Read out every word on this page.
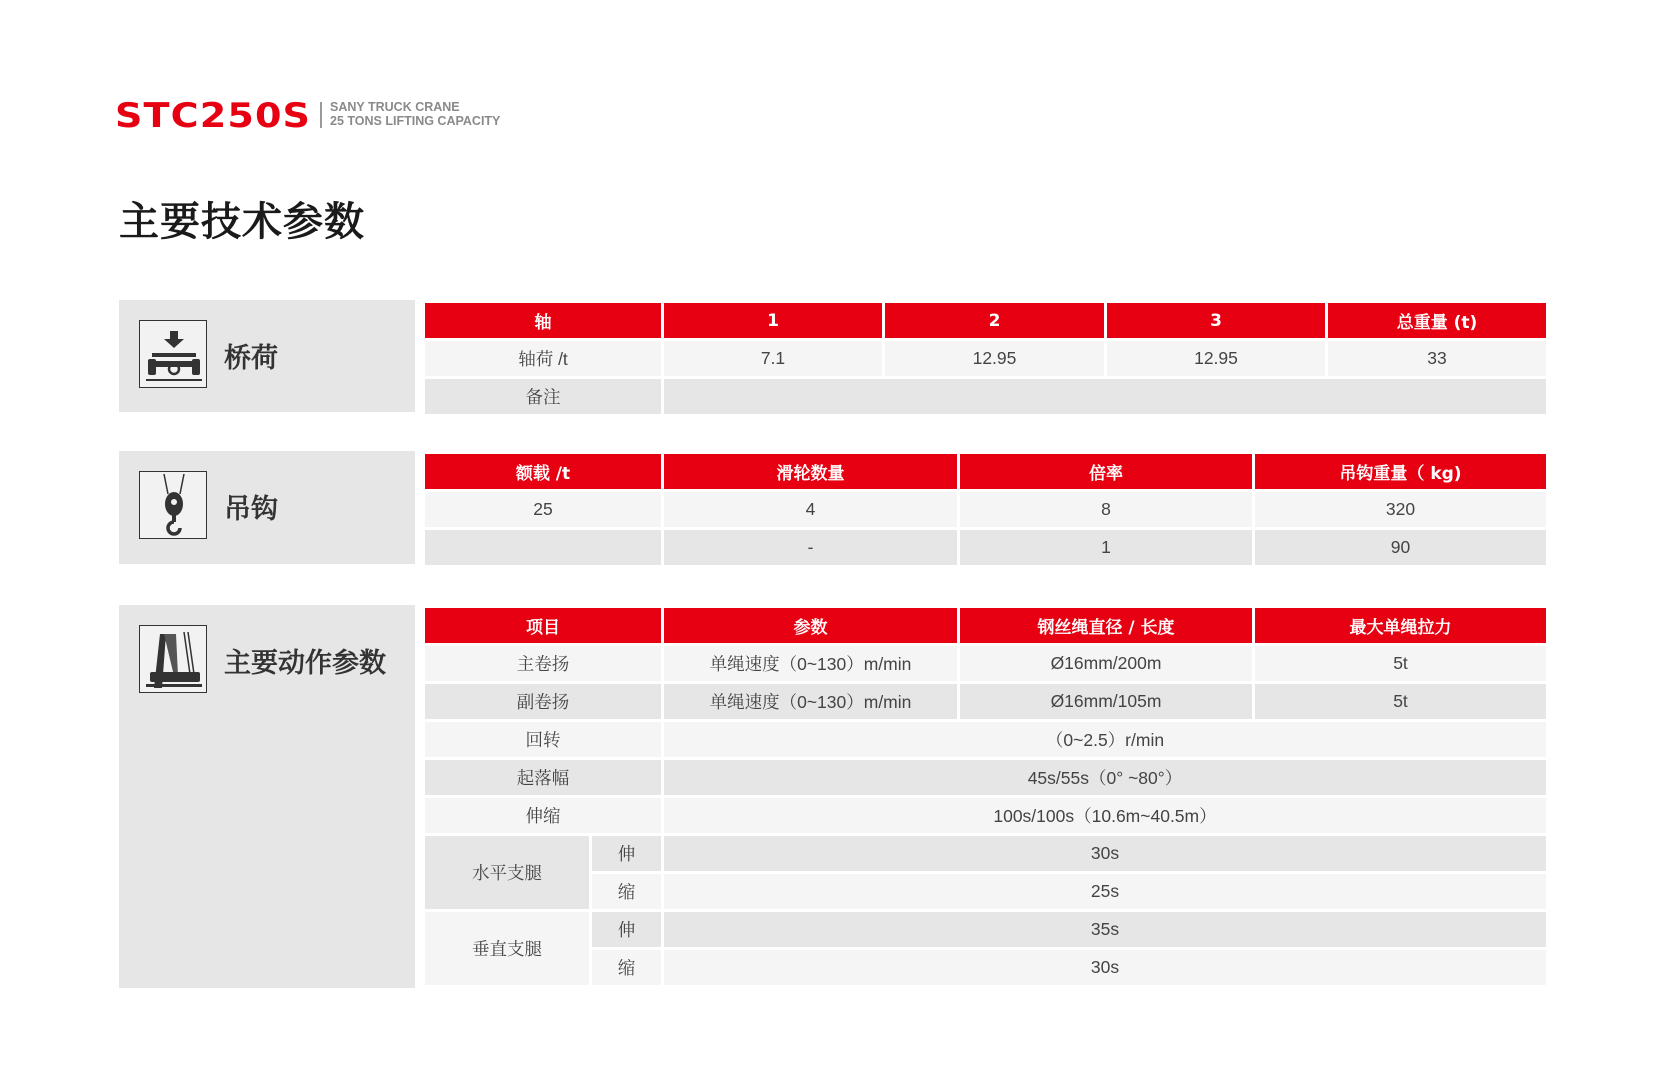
STC250S SANY TRUCK CRANE
25 TONS LIFTING CAPACITY
主要技术参数
桥荷
轴	1	2	3	总重量 (t)
轴荷 /t	7.1	12.95	12.95	33
备注				
吊钩
额载 /t	滑轮数量	倍率	吊钩重量（ kg)
25	4	8	320
	-	1	90
主要动作参数
项目		参数	钢丝绳直径 / 长度	最大单绳拉力
主卷扬		单绳速度（0~130）m/min	Ø16mm/200m	5t
副卷扬		单绳速度（0~130）m/min	Ø16mm/105m	5t
回转		（0~2.5）r/min		
起落幅		45s/55s（0° ~80°）		
伸缩		100s/100s（10.6m~40.5m）		
水平支腿	伸	30s		
	缩	25s		
垂直支腿	伸	35s		
	缩	30s		
